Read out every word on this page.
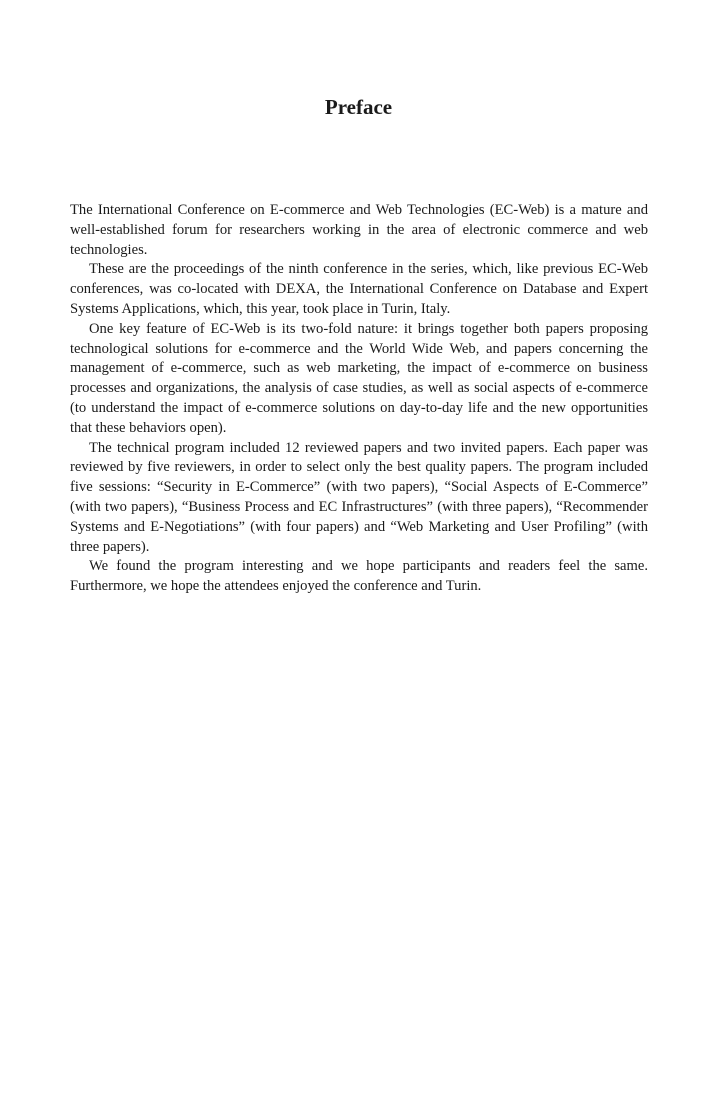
Preface

The International Conference on E-commerce and Web Technologies (EC-Web) is a mature and well-established forum for researchers working in the area of electronic commerce and web technologies.

These are the proceedings of the ninth conference in the series, which, like previous EC-Web conferences, was co-located with DEXA, the International Conference on Database and Expert Systems Applications, which, this year, took place in Turin, Italy.

One key feature of EC-Web is its two-fold nature: it brings together both papers proposing technological solutions for e-commerce and the World Wide Web, and papers concerning the management of e-commerce, such as web marketing, the impact of e-commerce on business processes and organizations, the analysis of case studies, as well as social aspects of e-commerce (to understand the impact of e-commerce solutions on day-to-day life and the new opportunities that these behaviors open).

The technical program included 12 reviewed papers and two invited papers. Each paper was reviewed by five reviewers, in order to select only the best quality papers. The program included five sessions: “Security in E-Commerce” (with two papers), “Social Aspects of E-Commerce” (with two papers), “Business Process and EC Infrastructures” (with three papers), “Recommender Systems and E-Negotiations” (with four papers) and “Web Marketing and User Profiling” (with three papers).

We found the program interesting and we hope participants and readers feel the same. Furthermore, we hope the attendees enjoyed the conference and Turin.
